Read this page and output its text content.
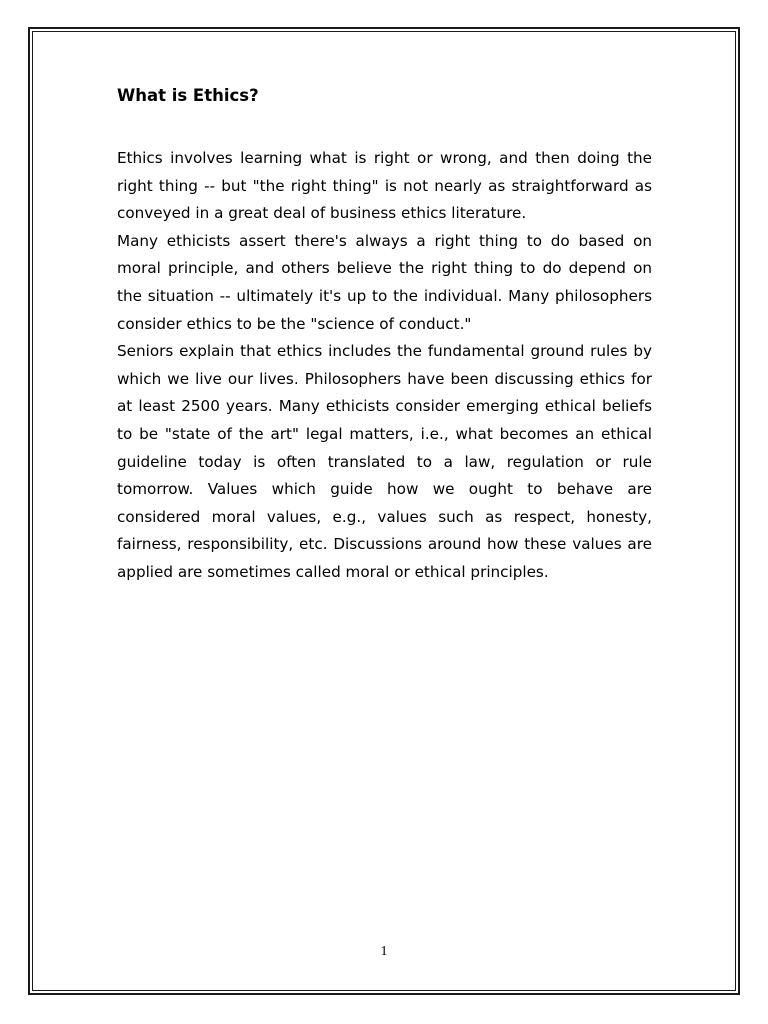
What is Ethics?

Ethics involves learning what is right or wrong, and then doing the right thing -- but "the right thing" is not nearly as straightforward as conveyed in a great deal of business ethics literature.

Many ethicists assert there's always a right thing to do based on moral principle, and others believe the right thing to do depend on the situation -- ultimately it's up to the individual. Many philosophers consider ethics to be the "science of conduct."

Seniors explain that ethics includes the fundamental ground rules by which we live our lives. Philosophers have been discussing ethics for at least 2500 years. Many ethicists consider emerging ethical beliefs to be "state of the art" legal matters, i.e., what becomes an ethical guideline today is often translated to a law, regulation or rule tomorrow. Values which guide how we ought to behave are considered moral values, e.g., values such as respect, honesty, fairness, responsibility, etc. Discussions around how these values are applied are sometimes called moral or ethical principles.

1
